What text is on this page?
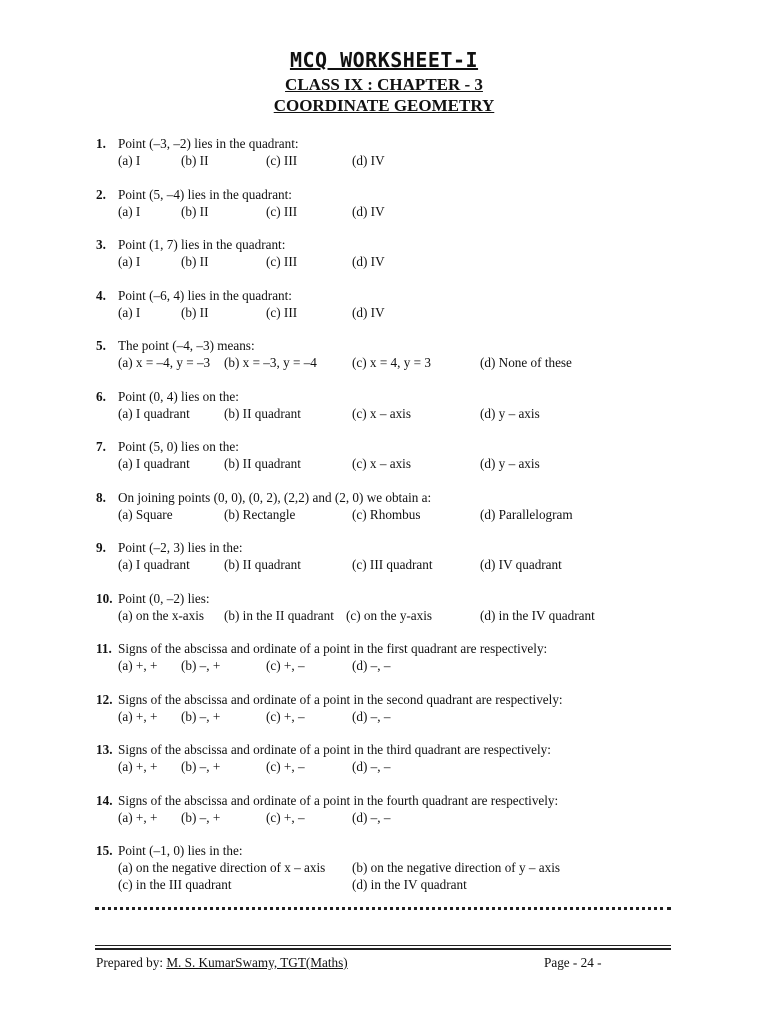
MCQ WORKSHEET-I
CLASS IX : CHAPTER - 3
COORDINATE GEOMETRY
1. Point (–3, –2) lies in the quadrant:
(a) I	(b) II	(c) III	(d) IV
2. Point (5, –4) lies in the quadrant:
(a) I	(b) II	(c) III	(d) IV
3. Point (1, 7) lies in the quadrant:
(a) I	(b) II	(c) III	(d) IV
4. Point (–6, 4) lies in the quadrant:
(a) I	(b) II	(c) III	(d) IV
5. The point (–4, –3) means:
(a) x = –4, y = –3 (b) x = –3, y = –4	(c) x = 4, y = 3	(d) None of these
6. Point (0, 4) lies on the:
(a) I quadrant	(b) II quadrant	(c) x – axis	(d) y – axis
7. Point (5, 0) lies on the:
(a) I quadrant	(b) II quadrant	(c) x – axis	(d) y – axis
8. On joining points (0, 0), (0, 2), (2,2) and (2, 0) we obtain a:
(a) Square	(b) Rectangle	(c) Rhombus	(d) Parallelogram
9. Point (–2, 3) lies in the:
(a) I quadrant	(b) II quadrant	(c) III quadrant	(d) IV quadrant
10. Point (0, –2) lies:
(a) on the x-axis (b) in the II quadrant (c) on the y-axis	(d) in the IV quadrant
11. Signs of the abscissa and ordinate of a point in the first quadrant are respectively:
(a) +, + (b) –, +	(c) +, –	(d) –, –
12. Signs of the abscissa and ordinate of a point in the second quadrant are respectively:
(a) +, + (b) –, +	(c) +, –	(d) –, –
13. Signs of the abscissa and ordinate of a point in the third quadrant are respectively:
(a) +, + (b) –, +	(c) +, –	(d) –, –
14. Signs of the abscissa and ordinate of a point in the fourth quadrant are respectively:
(a) +, + (b) –, +	(c) +, –	(d) –, –
15. Point (–1, 0) lies in the:
(a) on the negative direction of x – axis (b) on the negative direction of y – axis
(c) in the III quadrant	(d) in the IV quadrant
Prepared by: M. S. KumarSwamy, TGT(Maths)	Page - 24 -
